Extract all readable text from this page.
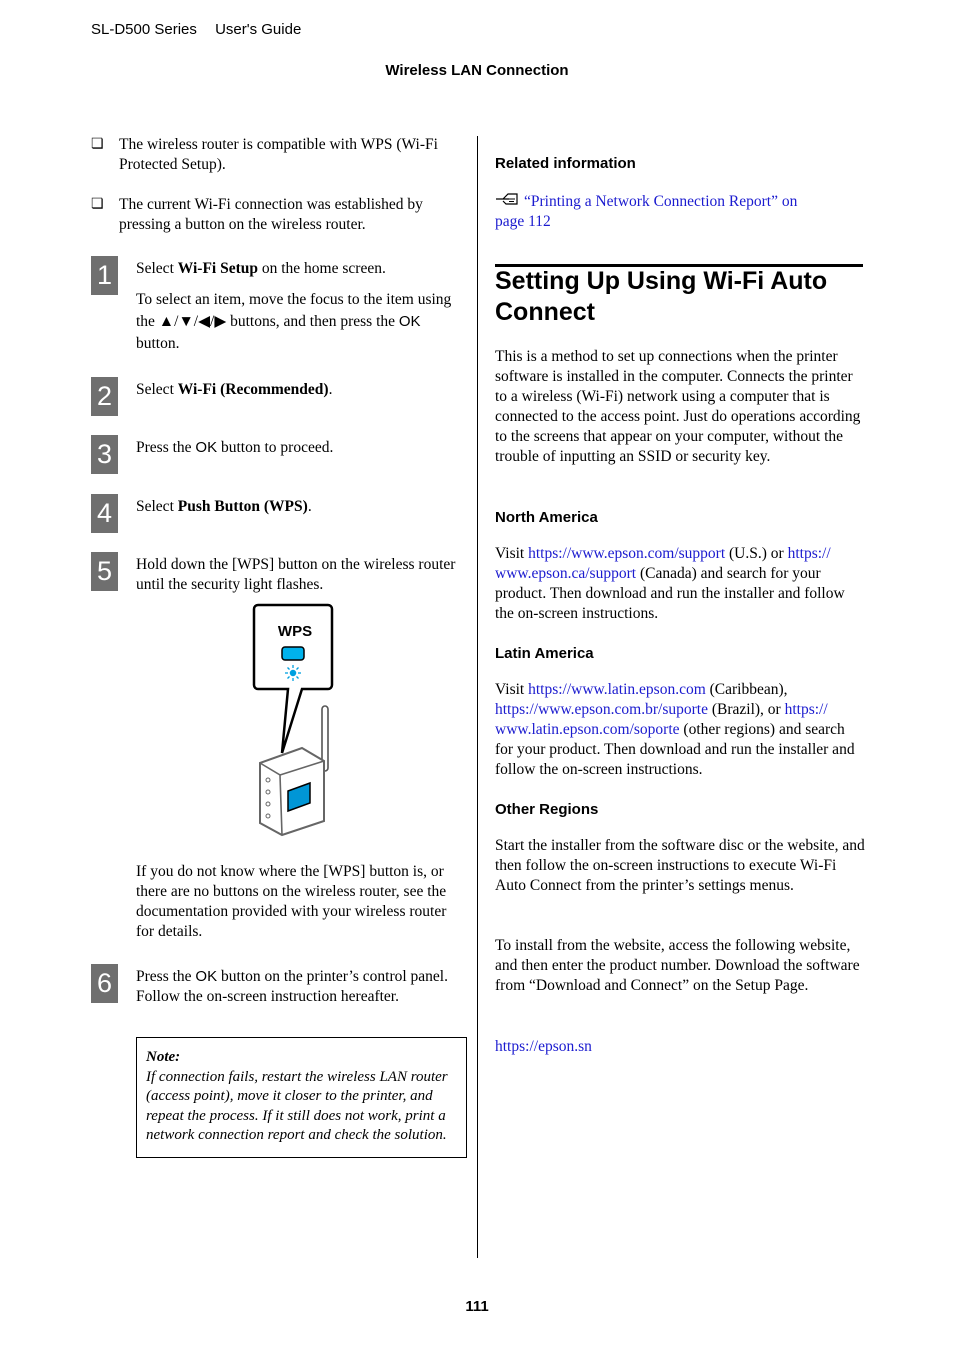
SL-D500 Series User's Guide
Wireless LAN Connection
❏ The wireless router is compatible with WPS (Wi-Fi Protected Setup).
❏ The current Wi-Fi connection was established by pressing a button on the wireless router.
1	Select Wi-Fi Setup on the home screen.

To select an item, move the focus to the item using the ▲/▼/◀/▶ buttons, and then press the OK button.

2	Select Wi-Fi (Recommended).

3	Press the OK button to proceed.

4	Select Push Button (WPS).

5	Hold down the [WPS] button on the wireless router until the security light flashes.

WPS
If you do not know where the [WPS] button is, or there are no buttons on the wireless router, see the documentation provided with your wireless router for details.
6	Press the OK button on the printer’s control panel. Follow the on-screen instruction hereafter.

Note:
If connection fails, restart the wireless LAN router (access point), move it closer to the printer, and repeat the process. If it still does not work, print a network connection report and check the solution.
Related information
“Printing a Network Connection Report” on
page 112
Setting Up Using Wi-Fi Auto
Connect
This is a method to set up connections when the printer software is installed in the computer. Connects the printer to a wireless (Wi-Fi) network using a computer that is connected to the access point. Just do operations according to the screens that appear on your computer, without the trouble of inputting an SSID or security key.
North America
Visit https://www.epson.com/support (U.S.) or https://
www.epson.ca/support (Canada) and search for your product. Then download and run the installer and follow the on-screen instructions.
Latin America
Visit https://www.latin.epson.com (Caribbean),
https://www.epson.com.br/suporte (Brazil), or https://
www.latin.epson.com/soporte (other regions) and search for your product. Then download and run the installer and follow the on-screen instructions.
Other Regions
Start the installer from the software disc or the website, and then follow the on-screen instructions to execute Wi-Fi Auto Connect from the printer’s settings menus.
To install from the website, access the following website, and then enter the product number. Download the software from “Download and Connect” on the Setup Page.
https://epson.sn
111
